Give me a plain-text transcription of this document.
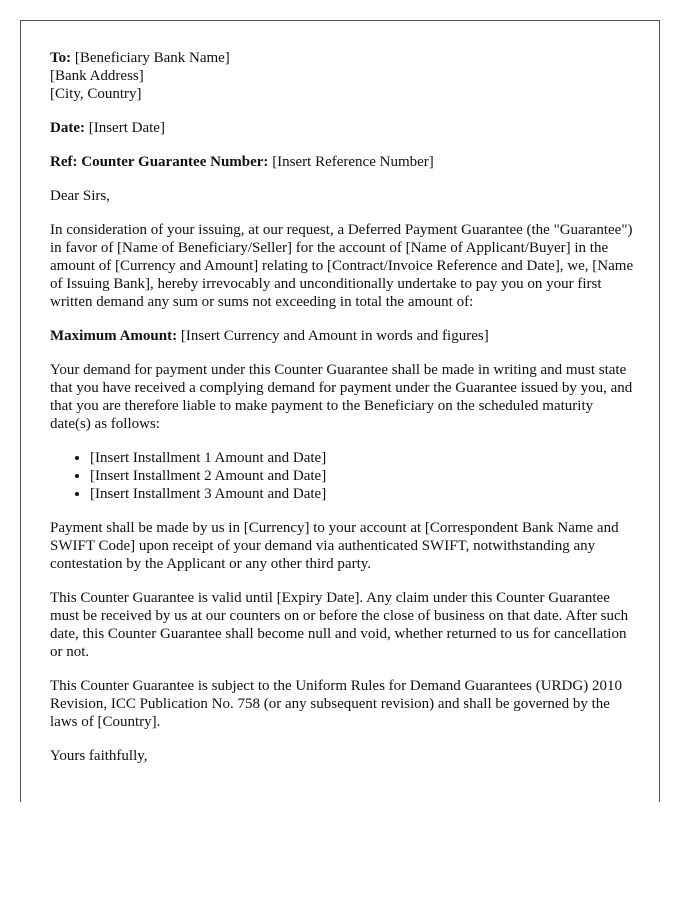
To: [Beneficiary Bank Name]
[Bank Address]
[City, Country]

Date: [Insert Date]

Ref: Counter Guarantee Number: [Insert Reference Number]

Dear Sirs,

In consideration of your issuing, at our request, a Deferred Payment Guarantee (the "Guarantee") in favor of [Name of Beneficiary/Seller] for the account of [Name of Applicant/Buyer] in the amount of [Currency and Amount] relating to [Contract/Invoice Reference and Date], we, [Name of Issuing Bank], hereby irrevocably and unconditionally undertake to pay you on your first written demand any sum or sums not exceeding in total the amount of:

Maximum Amount: [Insert Currency and Amount in words and figures]

Your demand for payment under this Counter Guarantee shall be made in writing and must state that you have received a complying demand for payment under the Guarantee issued by you, and that you are therefore liable to make payment to the Beneficiary on the scheduled maturity date(s) as follows:

• [Insert Installment 1 Amount and Date]
• [Insert Installment 2 Amount and Date]
• [Insert Installment 3 Amount and Date]

Payment shall be made by us in [Currency] to your account at [Correspondent Bank Name and SWIFT Code] upon receipt of your demand via authenticated SWIFT, notwithstanding any contestation by the Applicant or any other third party.

This Counter Guarantee is valid until [Expiry Date]. Any claim under this Counter Guarantee must be received by us at our counters on or before the close of business on that date. After such date, this Counter Guarantee shall become null and void, whether returned to us for cancellation or not.

This Counter Guarantee is subject to the Uniform Rules for Demand Guarantees (URDG) 2010 Revision, ICC Publication No. 758 (or any subsequent revision) and shall be governed by the laws of [Country].

Yours faithfully,
